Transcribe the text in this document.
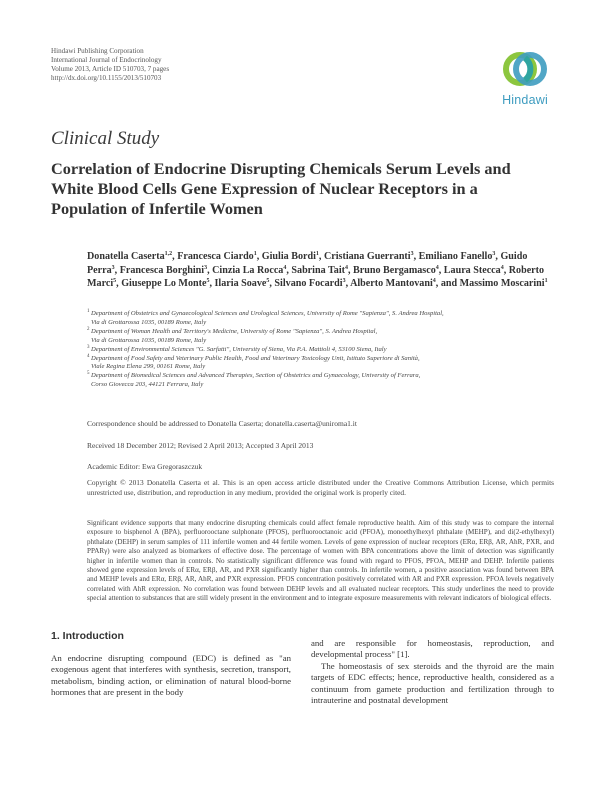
Hindawi Publishing Corporation
International Journal of Endocrinology
Volume 2013, Article ID 510703, 7 pages
http://dx.doi.org/10.1155/2013/510703
Hindawi
Clinical Study
Correlation of Endocrine Disrupting Chemicals Serum Levels and White Blood Cells Gene Expression of Nuclear Receptors in a Population of Infertile Women
Donatella Caserta$^{1,2}$, Francesca Ciardo$^1$, Giulia Bordi$^1$, Cristiana Guerranti$^3$, Emiliano Fanello$^3$, Guido Perra$^3$, Francesca Borghini$^3$, Cinzia La Rocca$^4$, Sabrina Tait$^4$, Bruno Bergamasco$^4$, Laura Stecca$^4$, Roberto Marci$^5$, Giuseppe Lo Monte$^5$, Ilaria Soave$^5$, Silvano Focardi$^3$, Alberto Mantovani$^4$, and Massimo Moscarini$^1$
1 Department of Obstetrics and Gynaecological Sciences and Urological Sciences, University of Rome "Sapienza", S. Andrea Hospital,
Via di Grottarossa 1035, 00189 Rome, Italy
2 Department of Woman Health and Territory's Medicine, University of Rome "Sapienza", S. Andrea Hospital,
Via di Grottarossa 1035, 00189 Rome, Italy
3 Department of Environmental Sciences "G. Sarfatti", University of Siena, Via P.A. Mattioli 4, 53100 Siena, Italy
4 Department of Food Safety and Veterinary Public Health, Food and Veterinary Toxicology Unit, Istituto Superiore di Sanità,
Viale Regina Elena 299, 00161 Rome, Italy
5 Department of Biomedical Sciences and Advanced Therapies, Section of Obstetrics and Gynaecology, University of Ferrara,
Corso Giovecca 203, 44121 Ferrara, Italy
Correspondence should be addressed to Donatella Caserta; donatella.caserta@uniroma1.it
Received 18 December 2012; Revised 2 April 2013; Accepted 3 April 2013
Academic Editor: Ewa Gregoraszczuk

Copyright © 2013 Donatella Caserta et al. This is an open access article distributed under the Creative Commons Attribution License, which permits unrestricted use, distribution, and reproduction in any medium, provided the original work is properly cited.

Significant evidence supports that many endocrine disrupting chemicals could affect female reproductive health. Aim of this study was to compare the internal exposure to bisphenol A (BPA), perfluorooctane sulphonate (PFOS), perfluorooctanoic acid (PFOA), monoethylhexyl phthalate (MEHP), and di(2-ethylhexyl) phthalate (DEHP) in serum samples of 111 infertile women and 44 fertile women. Levels of gene expression of nuclear receptors (ERα, ERβ, AR, AhR, PXR, and PPARγ) were also analyzed as biomarkers of effective dose. The percentage of women with BPA concentrations above the limit of detection was significantly higher in infertile women than in controls. No statistically significant difference was found with regard to PFOS, PFOA, MEHP and DEHP. Infertile patients showed gene expression levels of ERα, ERβ, AR, and PXR significantly higher than controls. In infertile women, a positive association was found between BPA and MEHP levels and ERα, ERβ, AR, AhR, and PXR expression. PFOS concentration positively correlated with AR and PXR expression. PFOA levels negatively correlated with AhR expression. No correlation was found between DEHP levels and all evaluated nuclear receptors. This study underlines the need to provide special attention to substances that are still widely present in the environment and to integrate exposure measurements with relevant indicators of biological effects.

1. Introduction

An endocrine disrupting compound (EDC) is defined as "an exogenous agent that interferes with synthesis, secretion, transport, metabolism, binding action, or elimination of natural blood-borne hormones that are present in the body

and are responsible for homeostasis, reproduction, and developmental process" [1].

The homeostasis of sex steroids and the thyroid are the main targets of EDC effects; hence, reproductive health, considered as a continuum from gamete production and fertilization through to intrauterine and postnatal development
